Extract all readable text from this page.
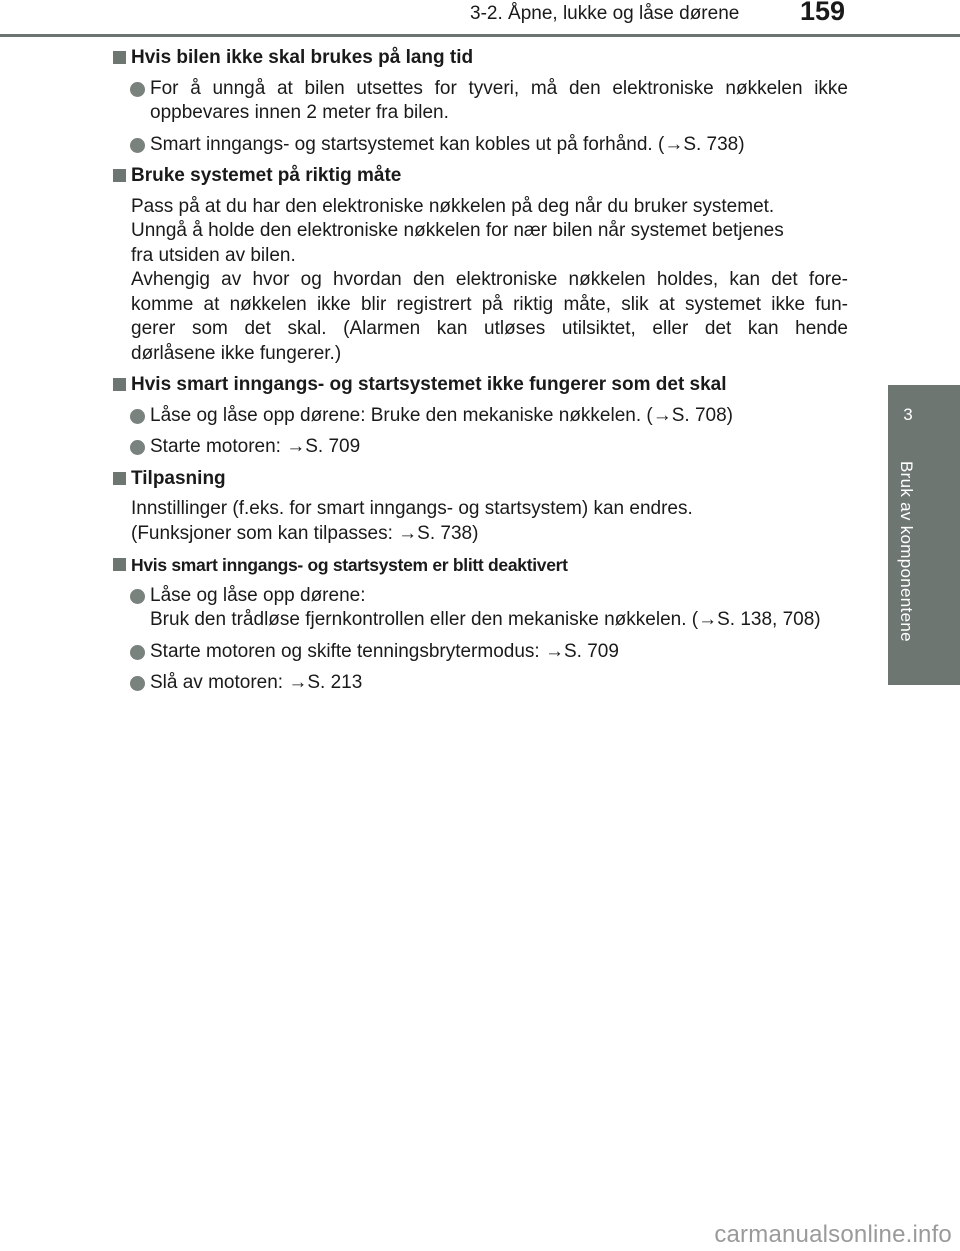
3-2. Åpne, lukke og låse dørene 159
3
Bruk av komponentene
Hvis bilen ikke skal brukes på lang tid
For å unngå at bilen utsettes for tyveri, må den elektroniske nøkkelen ikke oppbevares innen 2 meter fra bilen.
Smart inngangs- og startsystemet kan kobles ut på forhånd. (→S. 738)
Bruke systemet på riktig måte
Pass på at du har den elektroniske nøkkelen på deg når du bruker systemet.
Unngå å holde den elektroniske nøkkelen for nær bilen når systemet betjenes
fra utsiden av bilen.
Avhengig av hvor og hvordan den elektroniske nøkkelen holdes, kan det fore-
komme at nøkkelen ikke blir registrert på riktig måte, slik at systemet ikke fun-
gerer som det skal. (Alarmen kan utløses utilsiktet, eller det kan hende
dørlåsene ikke fungerer.)
Hvis smart inngangs- og startsystemet ikke fungerer som det skal
Låse og låse opp dørene: Bruke den mekaniske nøkkelen. (→S. 708)
Starte motoren: →S. 709
Tilpasning
Innstillinger (f.eks. for smart inngangs- og startsystem) kan endres.
(Funksjoner som kan tilpasses: →S. 738)
Hvis smart inngangs- og startsystem er blitt deaktivert
Låse og låse opp dørene:
Bruk den trådløse fjernkontrollen eller den mekaniske nøkkelen. (→S. 138, 708)
Starte motoren og skifte tenningsbrytermodus: →S. 709
Slå av motoren: →S. 213
carmanualsonline.info
